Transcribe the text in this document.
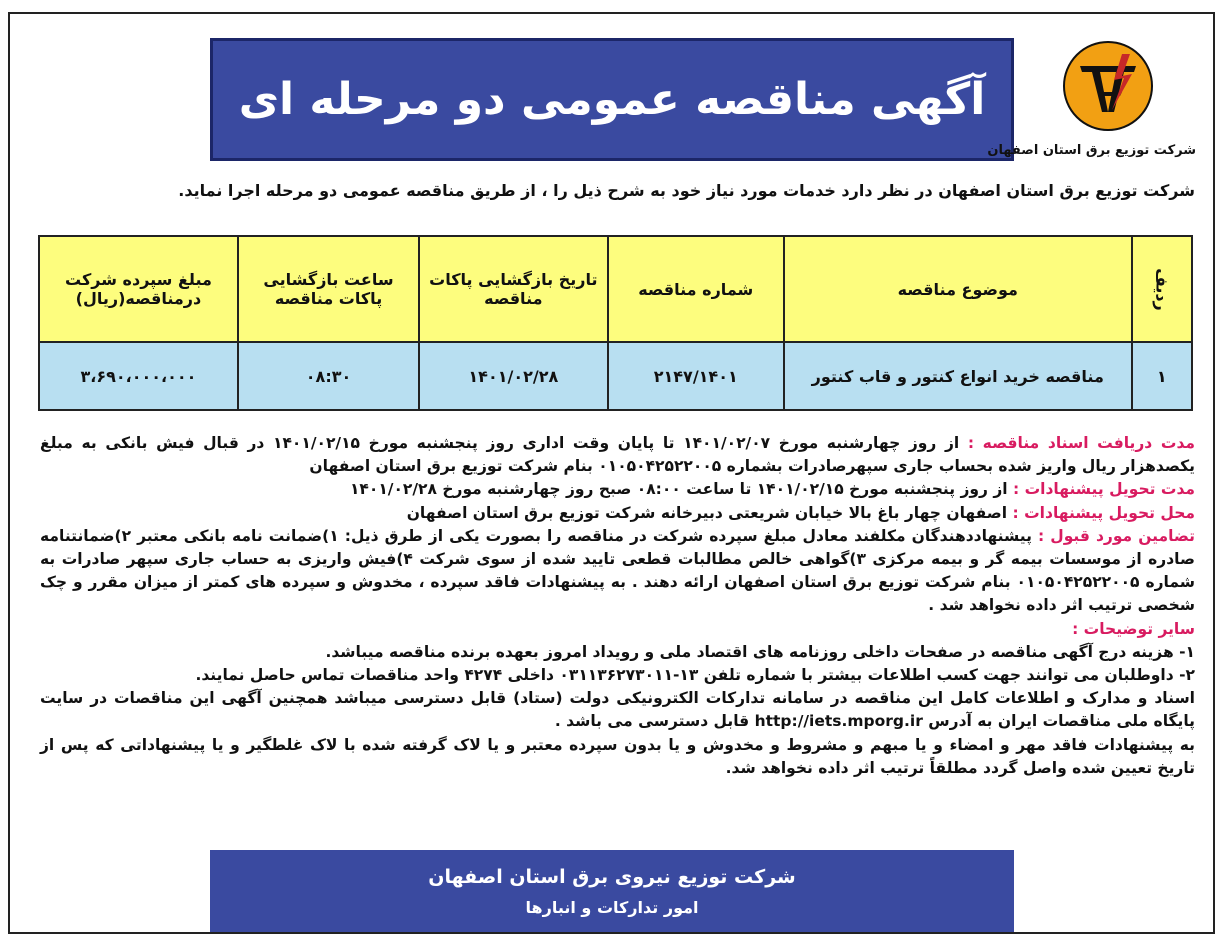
آگهی مناقصه عمومی دو مرحله ای
شرکت توزیع برق استان اصفهان
شرکت توزیع برق استان اصفهان در نظر دارد خدمات مورد نیاز خود به شرح ذیل را ، از طریق مناقصه عمومی دو مرحله اجرا نماید.
ردیف	موضوع مناقصه	شماره مناقصه	تاریخ بازگشایی پاکات مناقصه	ساعت بازگشایی پاکات مناقصه	مبلغ سپرده شرکت درمناقصه(ریال)
۱	مناقصه خرید انواع کنتور و قاب کنتور	۲۱۴۷/۱۴۰۱	۱۴۰۱/۰۲/۲۸	۰۸:۳۰	۳،۶۹۰،۰۰۰،۰۰۰

مدت دریافت اسناد مناقصه : از روز چهارشنبه مورخ ۱۴۰۱/۰۲/۰۷ تا پایان وقت اداری روز پنجشنبه مورخ ۱۴۰۱/۰۲/۱۵ در قبال فیش بانکی به مبلغ یکصدهزار ریال واریز شده بحساب جاری سپهرصادرات بشماره ۰۱۰۵۰۴۲۵۲۲۰۰۵ بنام شرکت توزیع برق استان اصفهان

مدت تحویل پیشنهادات : از روز پنجشنبه مورخ ۱۴۰۱/۰۲/۱۵ تا ساعت ۰۸:۰۰ صبح روز چهارشنبه مورخ ۱۴۰۱/۰۲/۲۸

محل تحویل پیشنهادات : اصفهان چهار باغ بالا خیابان شریعتی دبیرخانه شرکت توزیع برق استان اصفهان

تضامین مورد قبول : پیشنهاددهندگان مکلفند معادل مبلغ سپرده شرکت در مناقصه را بصورت یکی از طرق ذیل: ۱)ضمانت نامه بانکی معتبر ۲)ضمانتنامه صادره از موسسات بیمه گر و بیمه مرکزی ۳)گواهی خالص مطالبات قطعی تایید شده از سوی شرکت ۴)فیش واریزی به حساب جاری سپهر صادرات به شماره ۰۱۰۵۰۴۲۵۲۲۰۰۵ بنام شرکت توزیع برق استان اصفهان ارائه دهند . به پیشنهادات فاقد سپرده ، مخدوش و سپرده های کمتر از میزان مقرر و چک شخصی ترتیب اثر داده نخواهد شد .

سایر توضیحات :

۱- هزینه درج آگهی مناقصه در صفحات داخلی روزنامه های اقتصاد ملی و رویداد امروز بعهده برنده مناقصه میباشد.

۲- داوطلبان می توانند جهت کسب اطلاعات بیشتر با شماره تلفن ۱۳-۰۳۱۱۳۶۲۷۳۰۱۱ داخلی ۴۲۷۴ واحد مناقصات تماس حاصل نمایند.

اسناد و مدارک و اطلاعات کامل این مناقصه در سامانه تدارکات الکترونیکی دولت (ستاد) قابل دسترسی میباشد همچنین آگهی این مناقصات در سایت پایگاه ملی مناقصات ایران به آدرس http://iets.mporg.ir قابل دسترسی می باشد .

به پیشنهادات فاقد مهر و امضاء و یا مبهم و مشروط و مخدوش و یا بدون سپرده معتبر و یا لاک گرفته شده با لاک غلطگیر و یا پیشنهاداتی که پس از تاریخ تعیین شده واصل گردد مطلقاً ترتیب اثر داده نخواهد شد.

شرکت توزیع نیروی برق استان اصفهان
امور تدارکات و انبارها
